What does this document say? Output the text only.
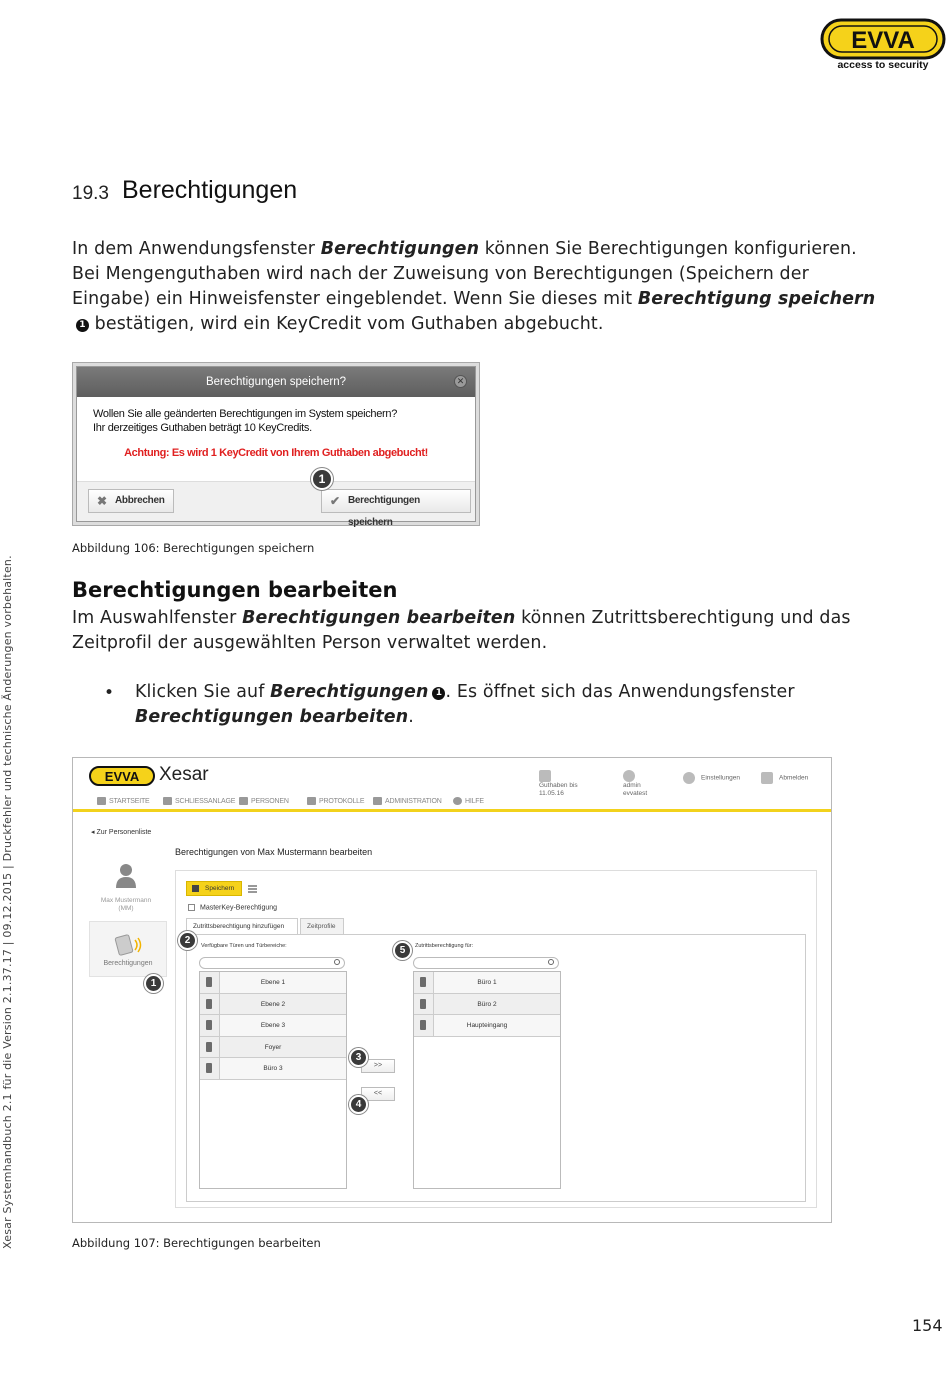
EVVA
access to security
Xesar Systemhandbuch 2.1 für die Version 2.1.37.17 | 09.12.2015 | Druckfehler und technische Änderungen vorbehalten.
19.3 Berechtigungen
In dem Anwendungsfenster Berechtigungen können Sie Berechtigungen konfigurieren. Bei Mengenguthaben wird nach der Zuweisung von Berechtigungen (Speichern der Eingabe) ein Hinweisfenster eingeblendet. Wenn Sie dieses mit Berechtigung speichern1 bestätigen, wird ein KeyCredit vom Guthaben abgebucht.
Berechtigungen speichern?	✕
Wollen Sie alle geänderten Berechtigungen im System speichern?
Ihr derzeitiges Guthaben beträgt 10 KeyCredits.
Achtung: Es wird 1 KeyCredit von Ihrem Guthaben abgebucht!
✖ Abbrechen	✔ Berechtigungen speichern
1
Abbildung 106: Berechtigungen speichern
Berechtigungen bearbeiten
Im Auswahlfenster Berechtigungen bearbeiten können Zutrittsberechtigung und das Zeitprofil der ausgewählten Person verwaltet werden.
• Klicken Sie auf Berechtigungen 1 . Es öffnet sich das Anwendungsfenster Berechtigungen bearbeiten.
EVVA Xesar
Guthaben bis
11.05.16
admin
evvatest
Einstellungen	Abmelden
STARTSEITE	SCHLIESSANLAGE	PERSONEN	PROTOKOLLE	ADMINISTRATION	HILFE
◂ Zur Personenliste
Berechtigungen von Max Mustermann bearbeiten
Max Mustermann
(MM)
Berechtigungen
Speichern
MasterKey-Berechtigung
Zutrittsberechtigung hinzufügen	Zeitprofile
Verfügbare Türen und Türbereiche:
Ebene 1
Ebene 2
Ebene 3
Foyer
Büro 3	>>
<<
Zutrittsberechtigung für:
Büro 1
Büro 2
Haupteingang
1
2
3
4
5
Abbildung 107: Berechtigungen bearbeiten
154
